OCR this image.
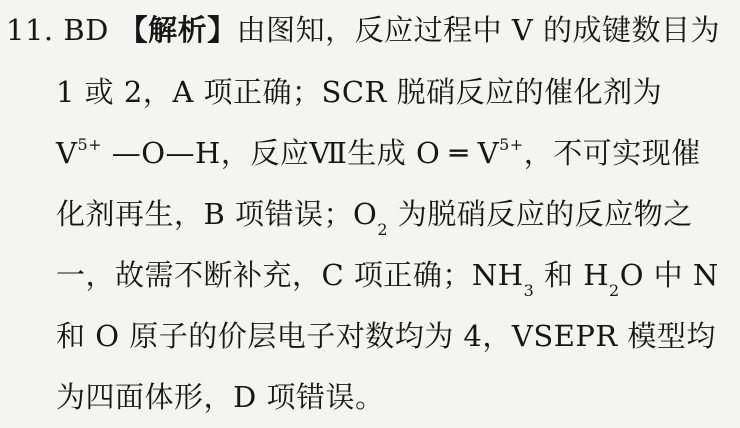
11. BD 【解析】由图知，反应过程中 V 的成键数目为
1 或 2，A 项正确；SCR 脱硝反应的催化剂为
$V^{5+}$ —O—H，反应Ⅶ生成 O ═ $V^{5+}$，不可实现催
化剂再生，B 项错误；$O_2$ 为脱硝反应的反应物之
一，故需不断补充，C 项正确；$NH_3$ 和 $H_2O$ 中 N
和 O 原子的价层电子对数均为 4，VSEPR 模型均
为四面体形，D 项错误。
